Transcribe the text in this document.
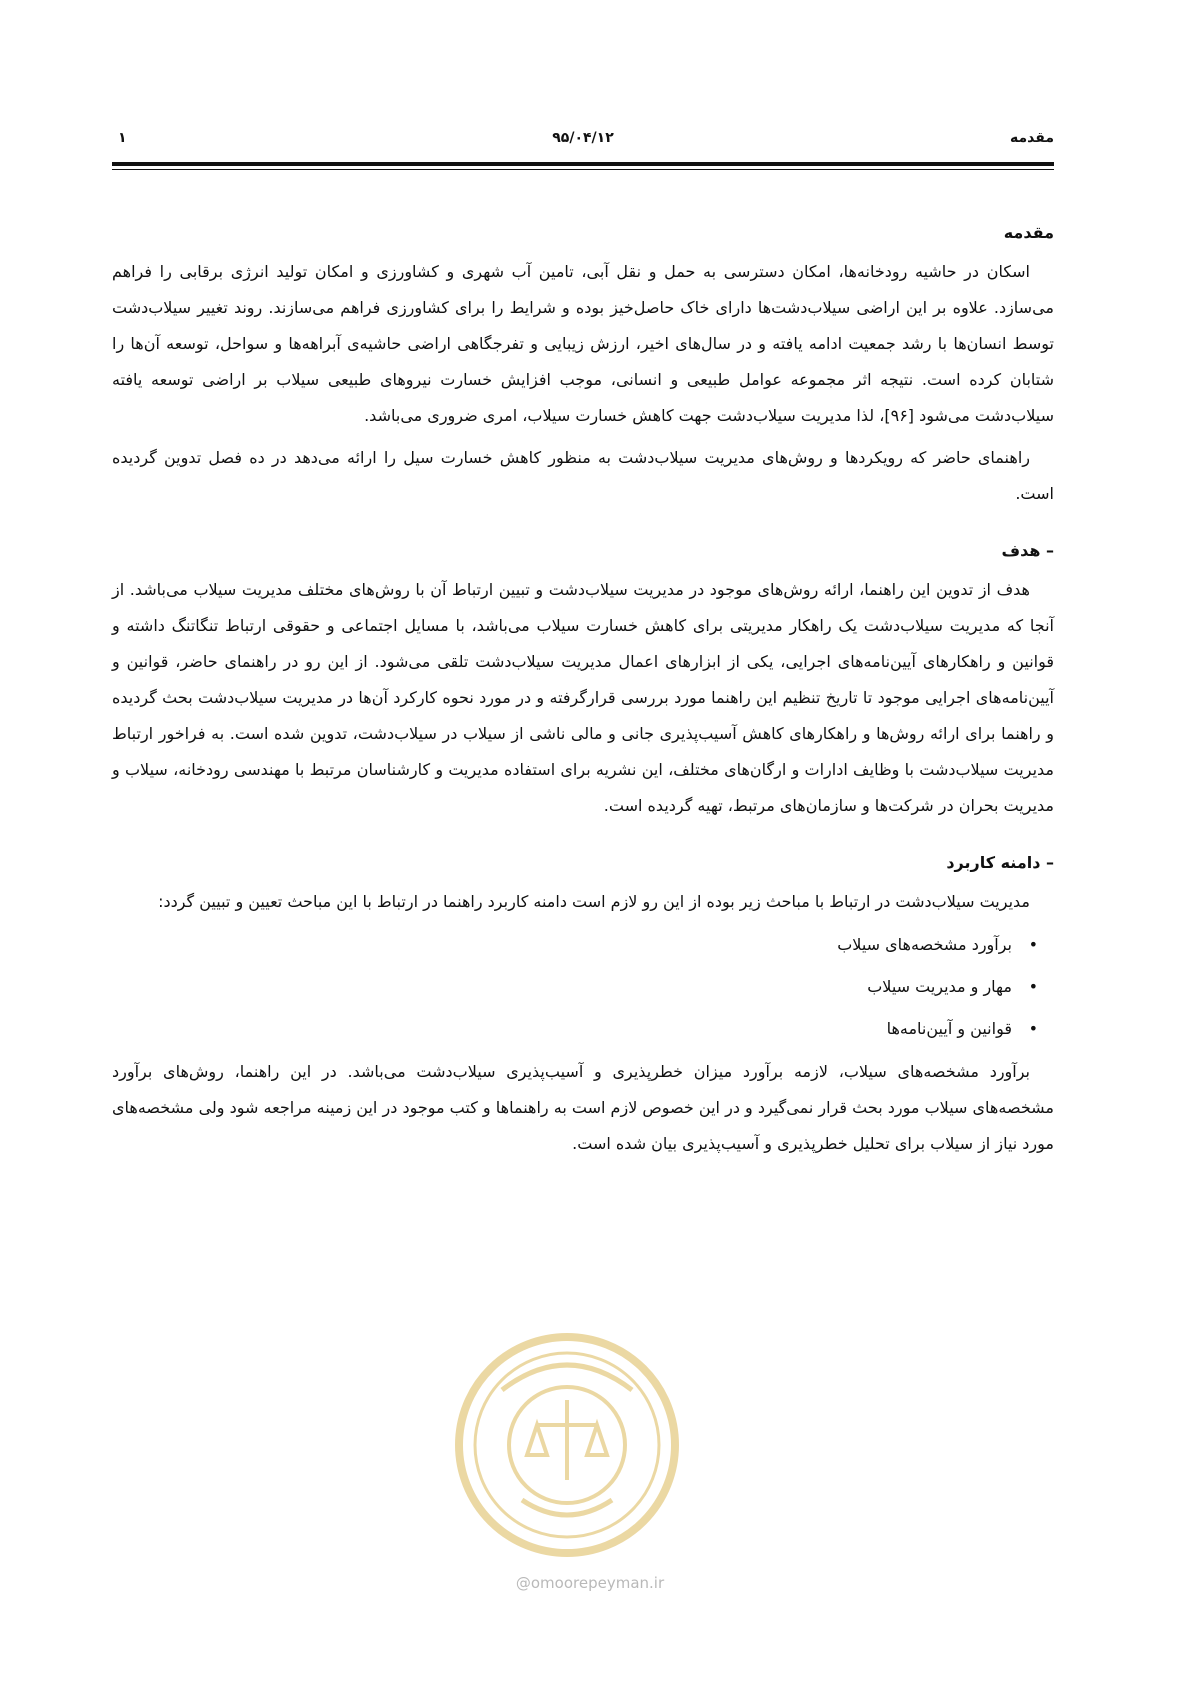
مقدمه
۹۵/۰۴/۱۲
۱
مقدمه

اسکان در حاشیه رودخانه‌ها، امکان دسترسی به حمل و نقل آبی، تامین آب شهری و کشاورزی و امکان تولید انرژی برقابی را فراهم می‌سازد. علاوه بر این اراضی سیلاب‌دشت‌ها دارای خاک حاصل‌خیز بوده و شرایط را برای کشاورزی فراهم می‌سازند. روند تغییر سیلاب‌دشت توسط انسان‌ها با رشد جمعیت ادامه یافته و در سال‌های اخیر، ارزش زیبایی و تفرجگاهی اراضی حاشیه‌ی آبراهه‌ها و سواحل، توسعه آن‌ها را شتابان کرده است. نتیجه اثر مجموعه عوامل طبیعی و انسانی، موجب افزایش خسارت نیروهای طبیعی سیلاب بر اراضی توسعه یافته سیلاب‌دشت می‌شود [۹۶]، لذا مدیریت سیلاب‌دشت جهت کاهش خسارت سیلاب، امری ضروری می‌باشد.

راهنمای حاضر که رویکردها و روش‌های مدیریت سیلاب‌دشت به منظور کاهش خسارت سیل را ارائه می‌دهد در ده فصل تدوین گردیده است.

– هدف

هدف از تدوین این راهنما، ارائه روش‌های موجود در مدیریت سیلاب‌دشت و تبیین ارتباط آن با روش‌های مختلف مدیریت سیلاب می‌باشد. از آنجا که مدیریت سیلاب‌دشت یک راهکار مدیریتی برای کاهش خسارت سیلاب می‌باشد، با مسایل اجتماعی و حقوقی ارتباط تنگاتنگ داشته و قوانین و راهکارهای آیین‌نامه‌های اجرایی، یکی از ابزارهای اعمال مدیریت سیلاب‌دشت تلقی می‌شود. از این رو در راهنمای حاضر، قوانین و آیین‌نامه‌های اجرایی موجود تا تاریخ تنظیم این راهنما مورد بررسی قرارگرفته و در مورد نحوه کارکرد آن‌ها در مدیریت سیلاب‌دشت بحث گردیده و راهنما برای ارائه روش‌ها و راهکارهای کاهش آسیب‌پذیری جانی و مالی ناشی از سیلاب در سیلاب‌دشت، تدوین شده است. به فراخور ارتباط مدیریت سیلاب‌دشت با وظایف ادارات و ارگان‌های مختلف، این نشریه برای استفاده مدیریت و کارشناسان مرتبط با مهندسی رودخانه، سیلاب و مدیریت بحران در شرکت‌ها و سازمان‌های مرتبط، تهیه گردیده است.

– دامنه کاربرد

مدیریت سیلاب‌دشت در ارتباط با مباحث زیر بوده از این رو لازم است دامنه کاربرد راهنما در ارتباط با این مباحث تعیین و تبیین گردد:

• برآورد مشخصه‌های سیلاب
• مهار و مدیریت سیلاب
• قوانین و آیین‌نامه‌ها

برآورد مشخصه‌های سیلاب، لازمه برآورد میزان خطرپذیری و آسیب‌پذیری سیلاب‌دشت می‌باشد. در این راهنما، روش‌های برآورد مشخصه‌های سیلاب مورد بحث قرار نمی‌گیرد و در این خصوص لازم است به راهنماها و کتب موجود در این زمینه مراجعه شود ولی مشخصه‌های مورد نیاز از سیلاب برای تحلیل خطرپذیری و آسیب‌پذیری بیان شده است.

@omoorepeyman.ir
